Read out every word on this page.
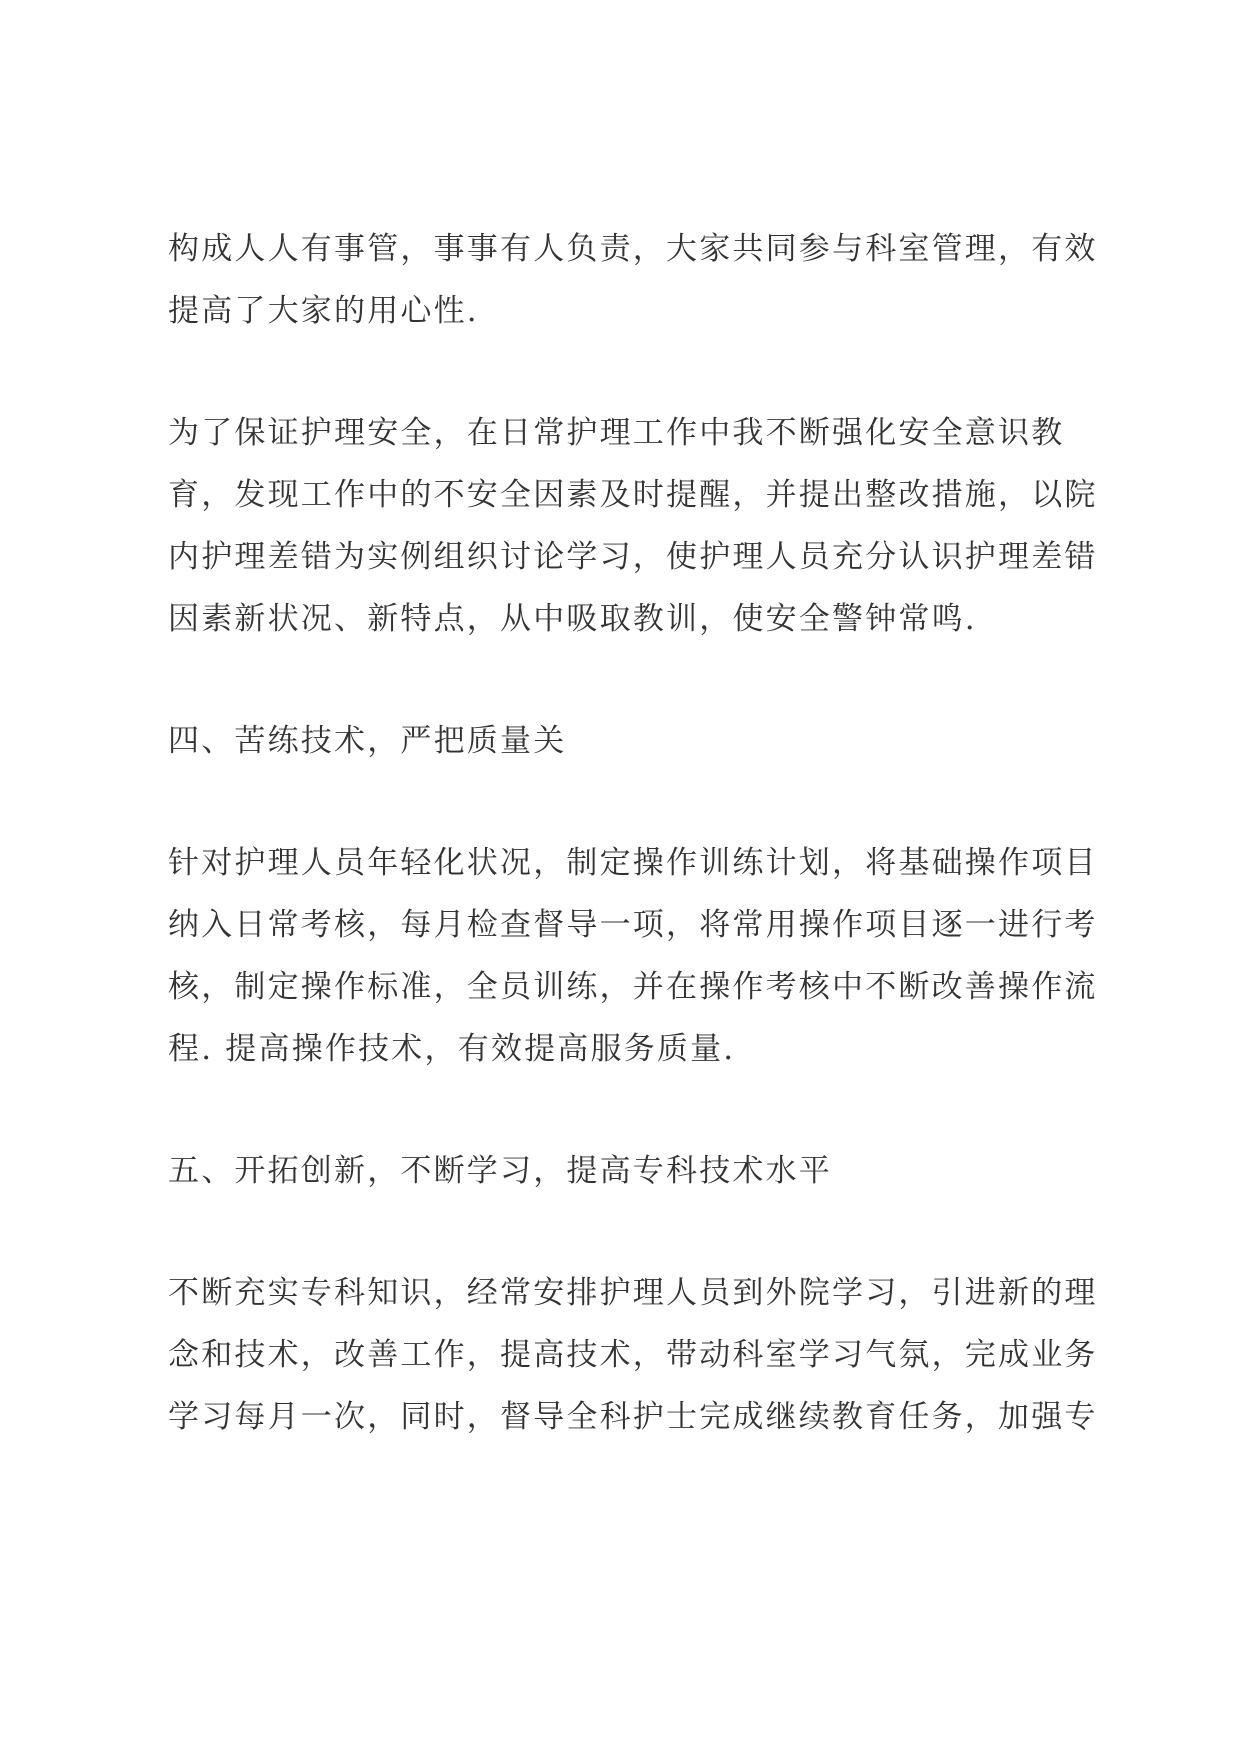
构成人人有事管，事事有人负责，大家共同参与科室管理，有效
提高了大家的用心性.
为了保证护理安全，在日常护理工作中我不断强化安全意识教
育，发现工作中的不安全因素及时提醒，并提出整改措施，以院
内护理差错为实例组织讨论学习，使护理人员充分认识护理差错
因素新状况、新特点，从中吸取教训，使安全警钟常鸣.
四、苦练技术，严把质量关
针对护理人员年轻化状况，制定操作训练计划，将基础操作项目
纳入日常考核，每月检查督导一项，将常用操作项目逐一进行考
核，制定操作标准，全员训练，并在操作考核中不断改善操作流
程. 提高操作技术，有效提高服务质量.
五、开拓创新，不断学习，提高专科技术水平
不断充实专科知识，经常安排护理人员到外院学习，引进新的理
念和技术，改善工作，提高技术，带动科室学习气氛，完成业务
学习每月一次，同时，督导全科护士完成继续教育任务，加强专
